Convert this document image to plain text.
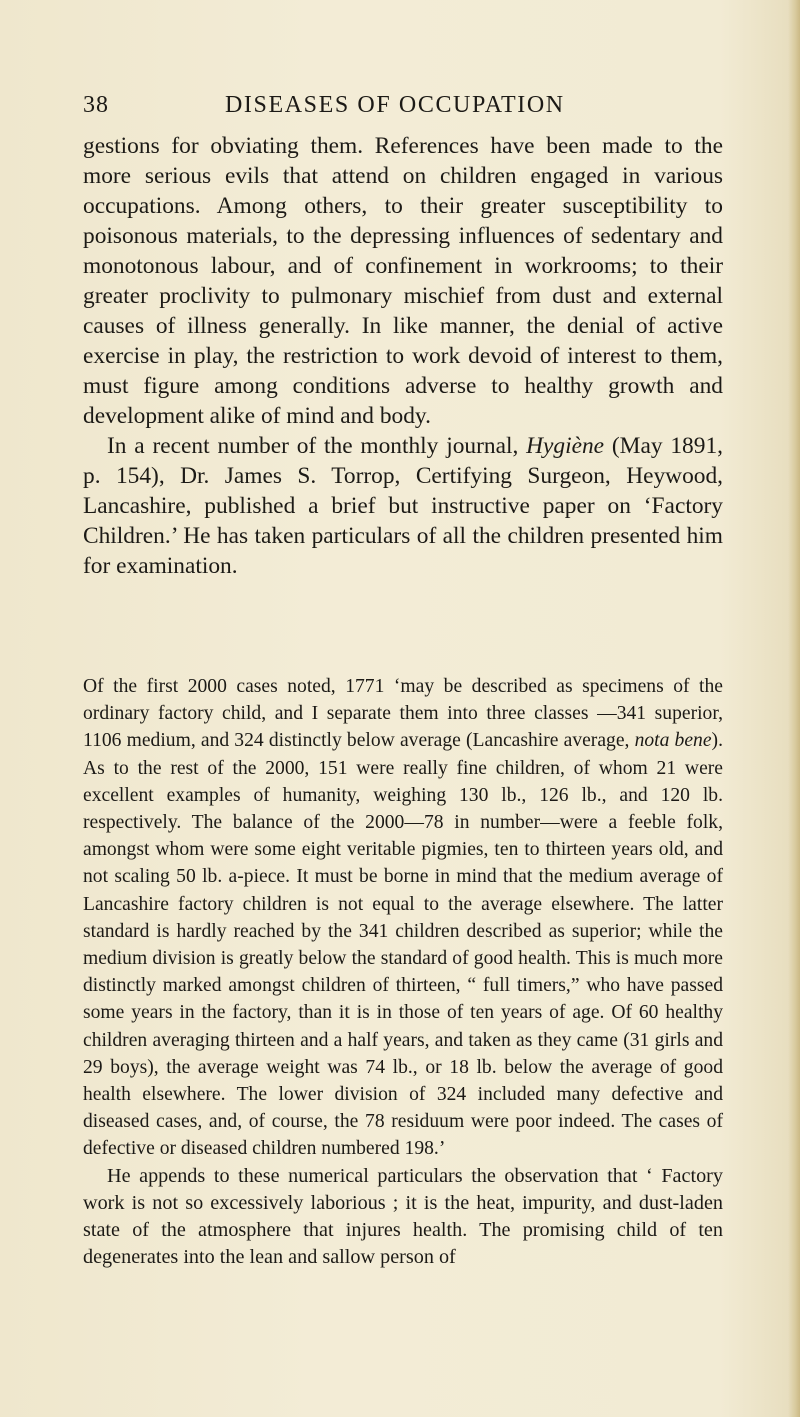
38	DISEASES OF OCCUPATION

gestions for obviating them. References have been made to the more serious evils that attend on children engaged in various occupations. Among others, to their greater susceptibility to poisonous materials, to the depressing influences of sedentary and monotonous labour, and of confinement in workrooms; to their greater proclivity to pulmonary mischief from dust and external causes of illness generally. In like manner, the denial of active exercise in play, the restriction to work devoid of interest to them, must figure among conditions adverse to healthy growth and development alike of mind and body.

In a recent number of the monthly journal, Hygiène (May 1891, p. 154), Dr. James S. Torrop, Certifying Surgeon, Heywood, Lancashire, published a brief but instructive paper on ‘Factory Children.’ He has taken particulars of all the children presented him for examination.

Of the first 2000 cases noted, 1771 ‘may be described as specimens of the ordinary factory child, and I separate them into three classes —341 superior, 1106 medium, and 324 distinctly below average (Lancashire average, nota bene). As to the rest of the 2000, 151 were really fine children, of whom 21 were excellent examples of humanity, weighing 130 lb., 126 lb., and 120 lb. respectively. The balance of the 2000—78 in number—were a feeble folk, amongst whom were some eight veritable pigmies, ten to thirteen years old, and not scaling 50 lb. a-piece. It must be borne in mind that the medium average of Lancashire factory children is not equal to the average elsewhere. The latter standard is hardly reached by the 341 children described as superior; while the medium division is greatly below the standard of good health. This is much more distinctly marked amongst children of thirteen, “ full timers,” who have passed some years in the factory, than it is in those of ten years of age. Of 60 healthy children averaging thirteen and a half years, and taken as they came (31 girls and 29 boys), the average weight was 74 lb., or 18 lb. below the average of good health elsewhere. The lower division of 324 included many defective and diseased cases, and, of course, the 78 residuum were poor indeed. The cases of defective or diseased children numbered 198.’

He appends to these numerical particulars the observation that ‘ Factory work is not so excessively laborious ; it is the heat, impurity, and dust-laden state of the atmosphere that injures health. The promising child of ten degenerates into the lean and sallow person of
